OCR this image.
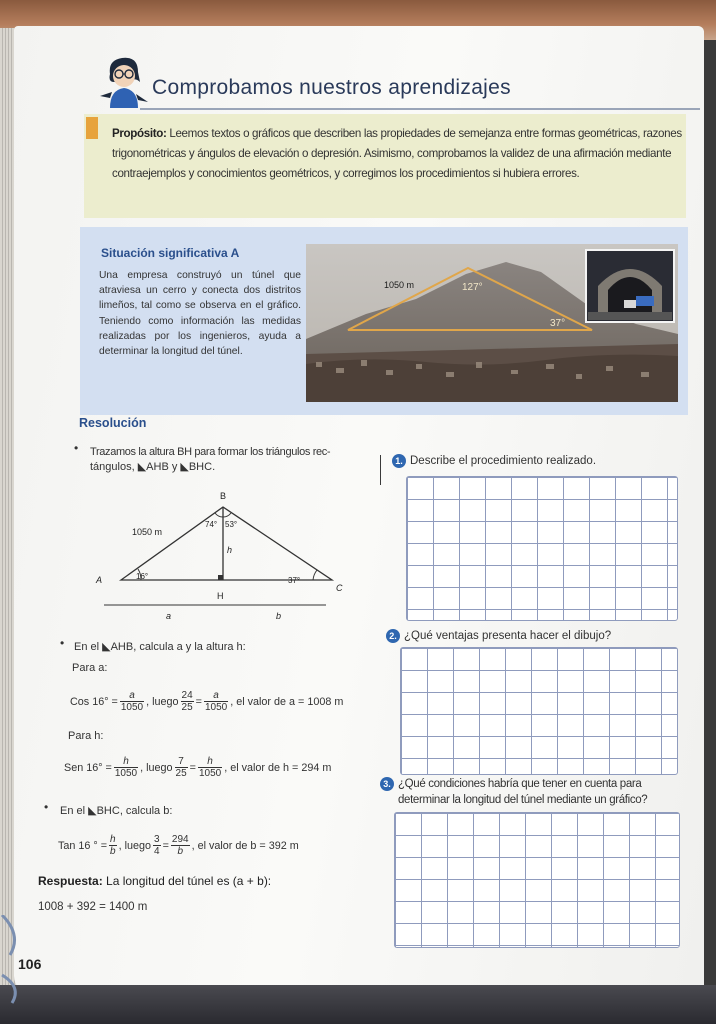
Comprobamos nuestros aprendizajes
Propósito: Leemos textos o gráficos que describen las propiedades de semejanza entre formas geométricas, razones trigonométricas y ángulos de elevación o depresión. Asimismo, comprobamos la validez de una afirmación mediante contraejemplos y conocimientos geométricos, y corregimos los procedimientos si hubiera errores.
Situación significativa A
Una empresa construyó un túnel que atraviesa un cerro y conecta dos distritos limeños, tal como se observa en el gráfico. Teniendo como información las medidas realizadas por los ingenieros, ayuda a determinar la longitud del túnel.
1050 m	127°
37°
Resolución
• Trazamos la altura BH para formar los triángulos rec-
tángulos, ◣AHB y ◣BHC.
B
A
C
H
h
1050 m
16°	37°
74° 53°
a	b
• En el ◣AHB, calcula a y la altura h:
Para a:
Cos $16^\circ = \frac{a}{1050}$ , luego $\frac{24}{25} = \frac{a}{1050}$ , el valor de a = 1008 m
Para h:
Sen $16^\circ = \frac{h}{1050}$ , luego $\frac{7}{25} = \frac{h}{1050}$ , el valor de h = 294 m
• En el ◣BHC, calcula b:
Tan 16 ° = $\frac{h}{b}$ , luego $\frac{3}{4} = \frac{294}{b}$ , el valor de b = 392 m
Respuesta: La longitud del túnel es (a + b):
1008 + 392 = 1400 m
1. Describe el procedimiento realizado.
2. ¿Qué ventajas presenta hacer el dibujo?
3. ¿Qué condiciones habría que tener en cuenta para
determinar la longitud del túnel mediante un gráfico?
106
